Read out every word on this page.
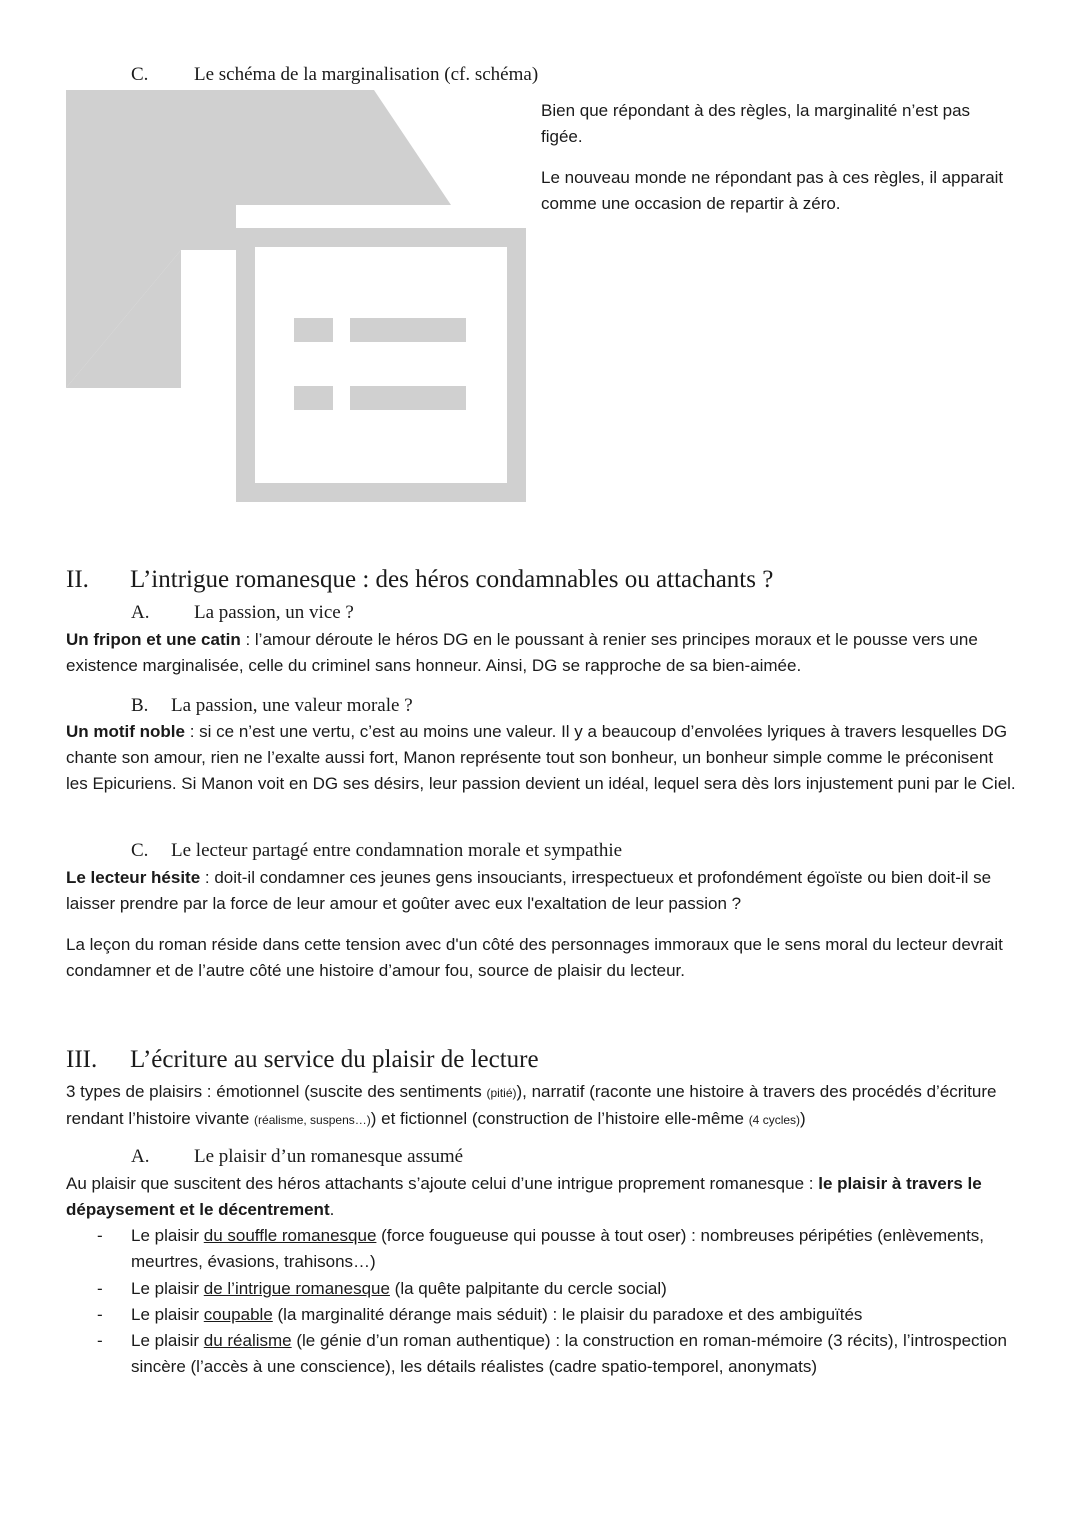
C. Le schéma de la marginalisation (cf. schéma)
Bien que répondant à des règles, la marginalité n’est pas figée.
Le nouveau monde ne répondant pas à ces règles, il apparait comme une occasion de repartir à zéro.
II. L’intrigue romanesque : des héros condamnables ou attachants ?
A. La passion, un vice ?
Un fripon et une catin : l’amour déroute le héros DG en le poussant à renier ses principes moraux et le pousse vers une existence marginalisée, celle du criminel sans honneur. Ainsi, DG se rapproche de sa bien-aimée.
B. La passion, une valeur morale ?
Un motif noble : si ce n’est une vertu, c’est au moins une valeur. Il y a beaucoup d’envolées lyriques à travers lesquelles DG chante son amour, rien ne l’exalte aussi fort, Manon représente tout son bonheur, un bonheur simple comme le préconisent les Epicuriens. Si Manon voit en DG ses désirs, leur passion devient un idéal, lequel sera dès lors injustement puni par le Ciel.
C. Le lecteur partagé entre condamnation morale et sympathie
Le lecteur hésite : doit-il condamner ces jeunes gens insouciants, irrespectueux et profondément égoïste ou bien doit-il se laisser prendre par la force de leur amour et goûter avec eux l'exaltation de leur passion ?
La leçon du roman réside dans cette tension avec d'un côté des personnages immoraux que le sens moral du lecteur devrait condamner et de l’autre côté une histoire d’amour fou, source de plaisir du lecteur.
III. L’écriture au service du plaisir de lecture
3 types de plaisirs : émotionnel (suscite des sentiments (pitié)), narratif (raconte une histoire à travers des procédés d’écriture rendant l’histoire vivante (réalisme, suspens…)) et fictionnel (construction de l’histoire elle-même (4 cycles))
A. Le plaisir d’un romanesque assumé
Au plaisir que suscitent des héros attachants s’ajoute celui d’une intrigue proprement romanesque : le plaisir à travers le dépaysement et le décentrement.
- Le plaisir du souffle romanesque (force fougueuse qui pousse à tout oser) : nombreuses péripéties (enlèvements, meurtres, évasions, trahisons…)
- Le plaisir de l’intrigue romanesque (la quête palpitante du cercle social)
- Le plaisir coupable (la marginalité dérange mais séduit) : le plaisir du paradoxe et des ambiguïtés
- Le plaisir du réalisme (le génie d’un roman authentique) : la construction en roman-mémoire (3 récits), l’introspection sincère (l’accès à une conscience), les détails réalistes (cadre spatio-temporel, anonymats)
